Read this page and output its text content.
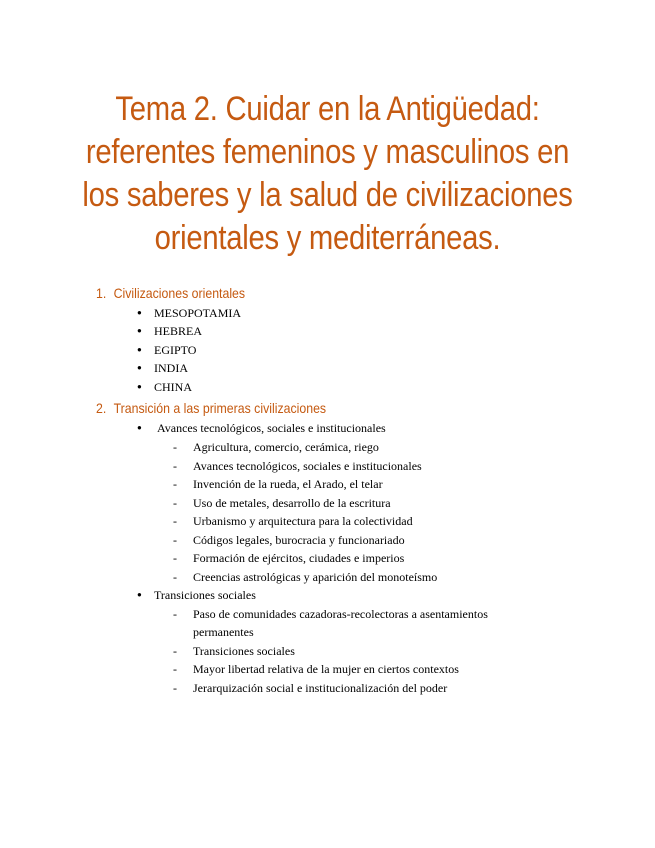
Tema 2. Cuidar en la Antigüedad: referentes femeninos y masculinos en los saberes y la salud de civilizaciones orientales y mediterráneas.
1. Civilizaciones orientales
● MESOPOTAMIA
● HEBREA
● EGIPTO
● INDIA
● CHINA
2. Transición a las primeras civilizaciones
● Avances tecnológicos, sociales e institucionales
- Agricultura, comercio, cerámica, riego
- Avances tecnológicos, sociales e institucionales
- Invención de la rueda, el Arado, el telar
- Uso de metales, desarrollo de la escritura
- Urbanismo y arquitectura para la colectividad
- Códigos legales, burocracia y funcionariado
- Formación de ejércitos, ciudades e imperios
- Creencias astrológicas y aparición del monoteísmo
● Transiciones sociales
- Paso de comunidades cazadoras-recolectoras a asentamientos
permanentes
- Transiciones sociales
- Mayor libertad relativa de la mujer en ciertos contextos
- Jerarquización social e institucionalización del poder
